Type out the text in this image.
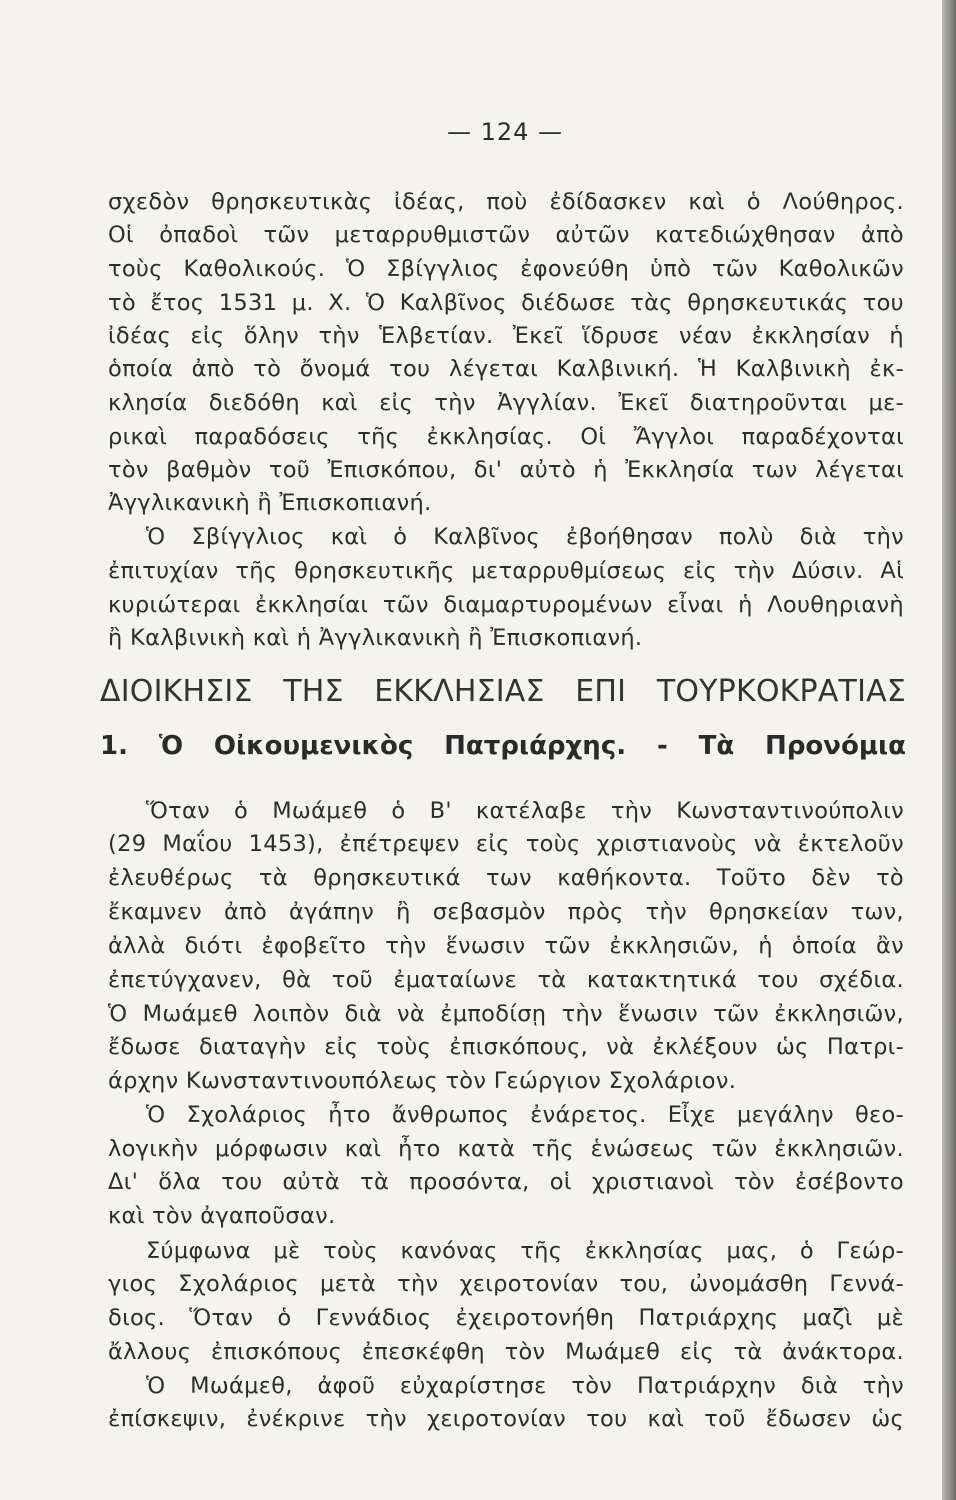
— 124 —
σχεδὸν θρησκευτικὰς ἰδέας, ποὺ ἐδίδασκεν καὶ ὁ Λούθηρος.
Οἱ ὀπαδοὶ τῶν μεταρρυθμιστῶν αὐτῶν κατεδιώχθησαν ἀπὸ
τοὺς Καθολικούς. Ὁ Σβίγγλιος ἐφονεύθη ὑπὸ τῶν Καθολικῶν
τὸ ἔτος 1531 μ. Χ. Ὁ Καλβῖνος διέδωσε τὰς θρησκευτικάς του
ἰδέας εἰς ὅλην τὴν Ἑλβετίαν. Ἐκεῖ ἵδρυσε νέαν ἐκκλησίαν ἡ
ὁποία ἀπὸ τὸ ὄνομά του λέγεται Καλβινική. Ἡ Καλβινικὴ ἐκ-
κλησία διεδόθη καὶ εἰς τὴν Ἀγγλίαν. Ἐκεῖ διατηροῦνται με-
ρικαὶ παραδόσεις τῆς ἐκκλησίας. Οἱ Ἄγγλοι παραδέχονται
τὸν βαθμὸν τοῦ Ἐπισκόπου, δι' αὐτὸ ἡ Ἐκκλησία των λέγεται
Ἀγγλικανικὴ ἢ Ἐπισκοπιανή.
Ὁ Σβίγγλιος καὶ ὁ Καλβῖνος ἐβοήθησαν πολὺ διὰ τὴν
ἐπιτυχίαν τῆς θρησκευτικῆς μεταρρυθμίσεως εἰς τὴν Δύσιν. Αἱ
κυριώτεραι ἐκκλησίαι τῶν διαμαρτυρομένων εἶναι ἡ Λουθηριανὴ
ἢ Καλβινικὴ καὶ ἡ Ἀγγλικανικὴ ἢ Ἐπισκοπιανή.
ΔΙΟΙΚΗΣΙΣ ΤΗΣ ΕΚΚΛΗΣΙΑΣ ΕΠΙ ΤΟΥΡΚΟΚΡΑΤΙΑΣ
1. Ὁ Οἰκουμενικὸς Πατριάρχης. - Τὰ Προνόμια
Ὅταν ὁ Μωάμεθ ὁ Β' κατέλαβε τὴν Κωνσταντινούπολιν
(29 Μαΐου 1453), ἐπέτρεψεν εἰς τοὺς χριστιανοὺς νὰ ἐκτελοῦν
ἐλευθέρως τὰ θρησκευτικά των καθήκοντα. Τοῦτο δὲν τὸ
ἔκαμνεν ἀπὸ ἀγάπην ἢ σεβασμὸν πρὸς τὴν θρησκείαν των,
ἀλλὰ διότι ἐφοβεῖτο τὴν ἕνωσιν τῶν ἐκκλησιῶν, ἡ ὁποία ἂν
ἐπετύγχανεν, θὰ τοῦ ἐματαίωνε τὰ κατακτητικά του σχέδια.
Ὁ Μωάμεθ λοιπὸν διὰ νὰ ἐμποδίσῃ τὴν ἕνωσιν τῶν ἐκκλησιῶν,
ἔδωσε διαταγὴν εἰς τοὺς ἐπισκόπους, νὰ ἐκλέξουν ὡς Πατρι-
άρχην Κωνσταντινουπόλεως τὸν Γεώργιον Σχολάριον.
Ὁ Σχολάριος ἦτο ἄνθρωπος ἐνάρετος. Εἶχε μεγάλην θεο-
λογικὴν μόρφωσιν καὶ ἦτο κατὰ τῆς ἑνώσεως τῶν ἐκκλησιῶν.
Δι' ὅλα του αὐτὰ τὰ προσόντα, οἱ χριστιανοὶ τὸν ἐσέβοντο
καὶ τὸν ἀγαποῦσαν.
Σύμφωνα μὲ τοὺς κανόνας τῆς ἐκκλησίας μας, ὁ Γεώρ-
γιος Σχολάριος μετὰ τὴν χειροτονίαν του, ὠνομάσθη Γεννά-
διος. Ὅταν ὁ Γεννάδιος ἐχειροτονήθη Πατριάρχης μαζὶ μὲ
ἄλλους ἐπισκόπους ἐπεσκέφθη τὸν Μωάμεθ εἰς τὰ ἀνάκτορα.
Ὁ Μωάμεθ, ἀφοῦ εὐχαρίστησε τὸν Πατριάρχην διὰ τὴν
ἐπίσκεψιν, ἐνέκρινε τὴν χειροτονίαν του καὶ τοῦ ἔδωσεν ὡς
